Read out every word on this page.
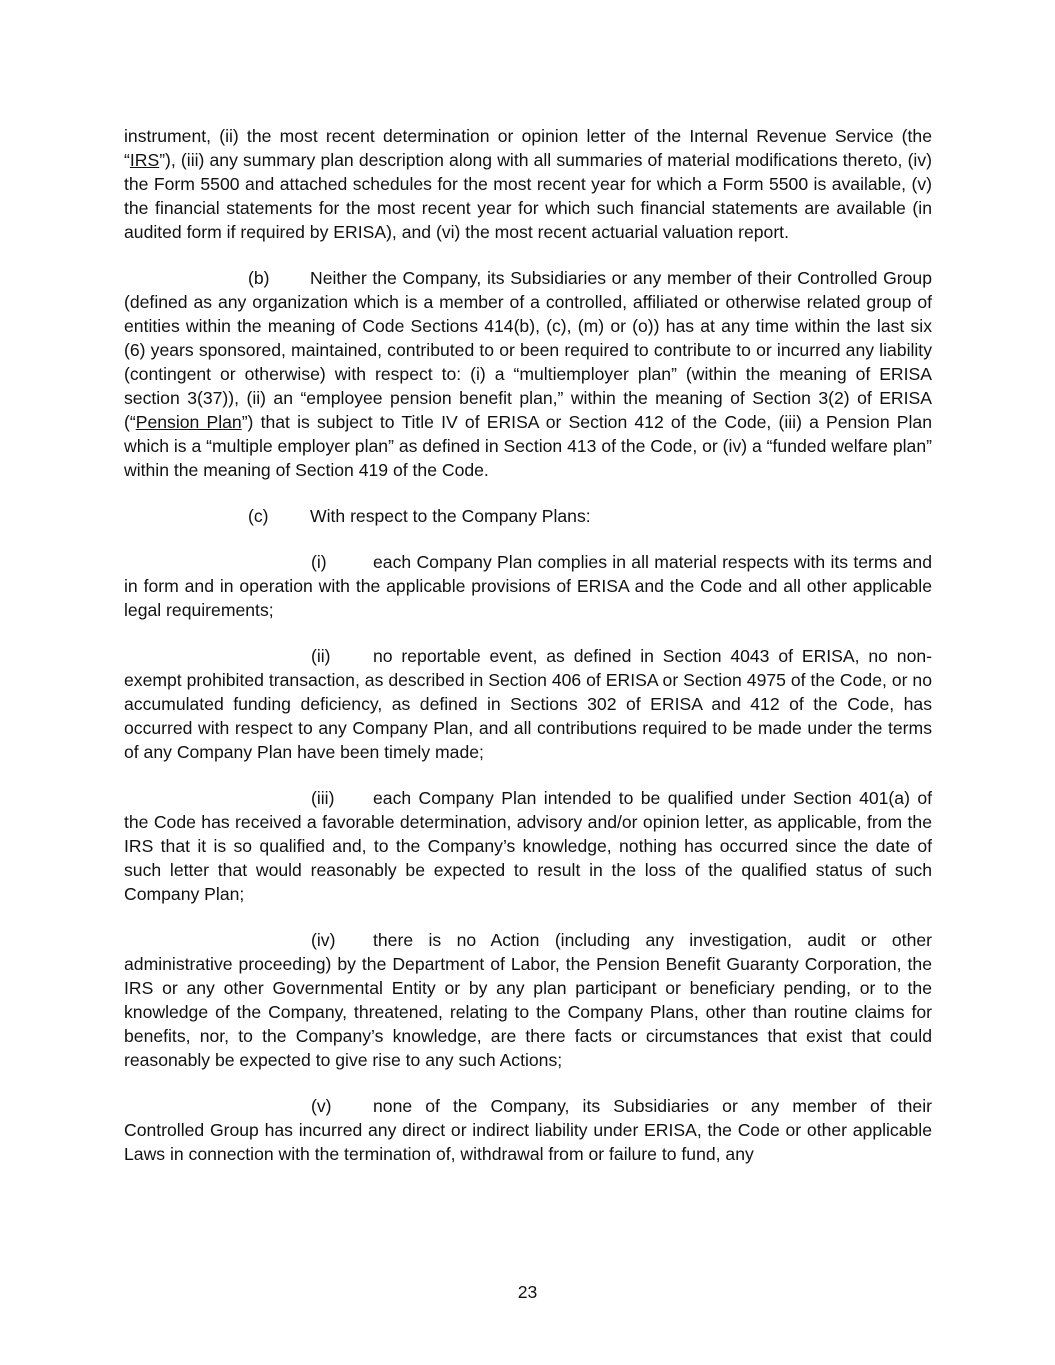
instrument, (ii) the most recent determination or opinion letter of the Internal Revenue Service (the “IRS”), (iii) any summary plan description along with all summaries of material modifications thereto, (iv) the Form 5500 and attached schedules for the most recent year for which a Form 5500 is available, (v) the financial statements for the most recent year for which such financial statements are available (in audited form if required by ERISA), and (vi) the most recent actuarial valuation report.

(b) Neither the Company, its Subsidiaries or any member of their Controlled Group (defined as any organization which is a member of a controlled, affiliated or otherwise related group of entities within the meaning of Code Sections 414(b), (c), (m) or (o)) has at any time within the last six (6) years sponsored, maintained, contributed to or been required to contribute to or incurred any liability (contingent or otherwise) with respect to: (i) a “multiemployer plan” (within the meaning of ERISA section 3(37)), (ii) an “employee pension benefit plan,” within the meaning of Section 3(2) of ERISA (“Pension Plan”) that is subject to Title IV of ERISA or Section 412 of the Code, (iii) a Pension Plan which is a “multiple employer plan” as defined in Section 413 of the Code, or (iv) a “funded welfare plan” within the meaning of Section 419 of the Code.

(c) With respect to the Company Plans:

(i)	each Company Plan complies in all material respects with its terms and in form and in operation with the applicable provisions of ERISA and the Code and all other applicable legal requirements;

(ii) no reportable event, as defined in Section 4043 of ERISA, no non-exempt prohibited transaction, as described in Section 406 of ERISA or Section 4975 of the Code, or no accumulated funding deficiency, as defined in Sections 302 of ERISA and 412 of the Code, has occurred with respect to any Company Plan, and all contributions required to be made under the terms of any Company Plan have been timely made;

(iii) each Company Plan intended to be qualified under Section 401(a) of the Code has received a favorable determination, advisory and/or opinion letter, as applicable, from the IRS that it is so qualified and, to the Company’s knowledge, nothing has occurred since the date of such letter that would reasonably be expected to result in the loss of the qualified status of such Company Plan;

(iv) there is no Action (including any investigation, audit or other administrative proceeding) by the Department of Labor, the Pension Benefit Guaranty Corporation, the IRS or any other Governmental Entity or by any plan participant or beneficiary pending, or to the knowledge of the Company, threatened, relating to the Company Plans, other than routine claims for benefits, nor, to the Company’s knowledge, are there facts or circumstances that exist that could reasonably be expected to give rise to any such Actions;

(v) none of the Company, its Subsidiaries or any member of their Controlled Group has incurred any direct or indirect liability under ERISA, the Code or other applicable Laws in connection with the termination of, withdrawal from or failure to fund, any

23
